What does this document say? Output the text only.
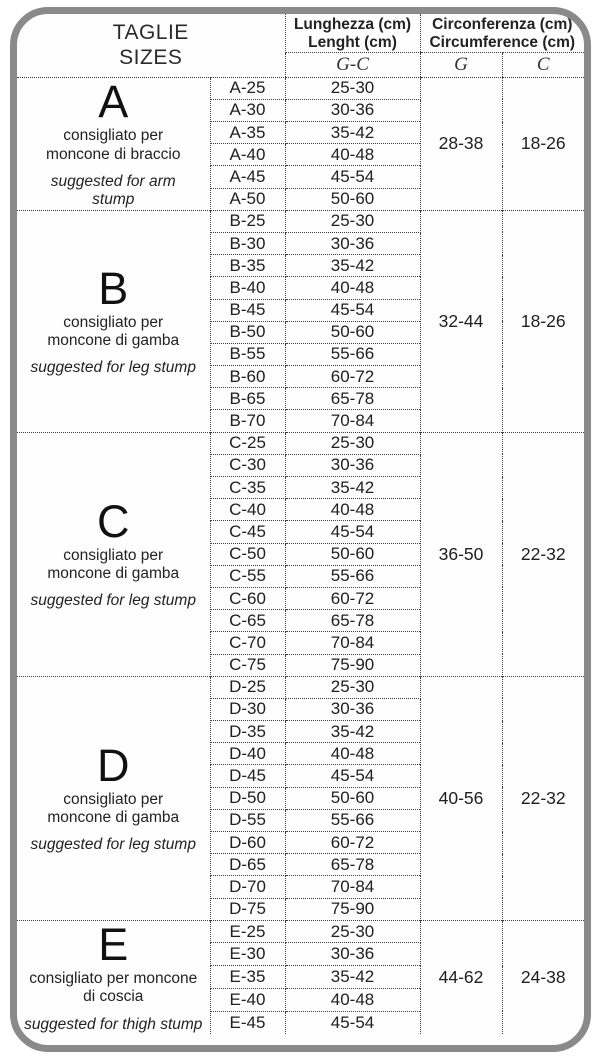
TAGLIE
SIZES

Lunghezza (cm)
Lenght (cm)

Circonferenza (cm)
Circumference (cm)

		G-C	G	C

A
consigliato per
moncone di braccio
suggested for arm
stump	A-25	25-30	28-38	18-26
	A-30	30-36		
	A-35	35-42		
	A-40	40-48		
	A-45	45-54		
	A-50	50-60		

B
consigliato per
moncone di gamba
suggested for leg stump	B-25	25-30	32-44	18-26
	B-30	30-36		
	B-35	35-42		
	B-40	40-48		
	B-45	45-54		
	B-50	50-60		
	B-55	55-66		
	B-60	60-72		
	B-65	65-78		
	B-70	70-84		

C
consigliato per
moncone di gamba
suggested for leg stump	C-25	25-30	36-50	22-32
	C-30	30-36		
	C-35	35-42		
	C-40	40-48		
	C-45	45-54		
	C-50	50-60		
	C-55	55-66		
	C-60	60-72		
	C-65	65-78		
	C-70	70-84		
	C-75	75-90		

D
consigliato per
moncone di gamba
suggested for leg stump	D-25	25-30	40-56	22-32
	D-30	30-36		
	D-35	35-42		
	D-40	40-48		
	D-45	45-54		
	D-50	50-60		
	D-55	55-66		
	D-60	60-72		
	D-65	65-78		
	D-70	70-84		
	D-75	75-90		

E
consigliato per moncone
di coscia
suggested for thigh stump	E-25	25-30	44-62	24-38
	E-30	30-36		
	E-35	35-42		
	E-40	40-48		
	E-45	45-54		
